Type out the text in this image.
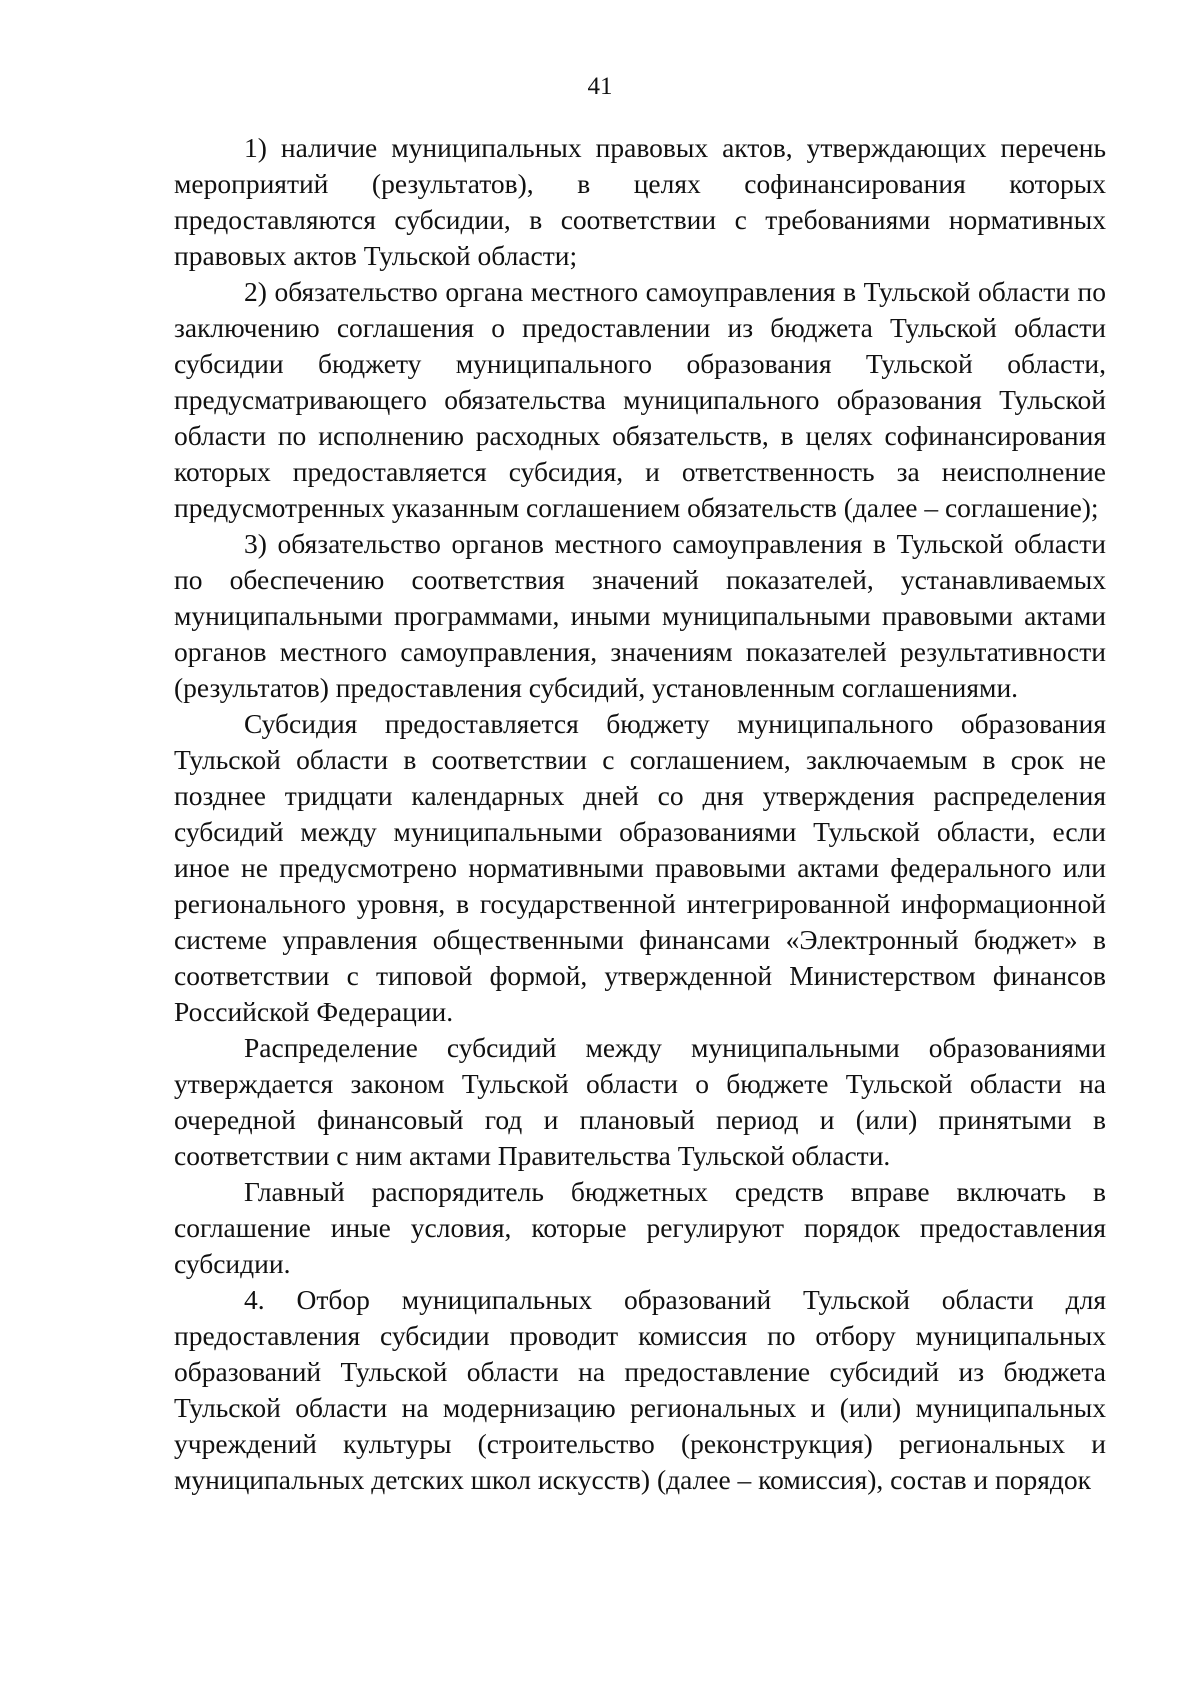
41

1) наличие муниципальных правовых актов, утверждающих перечень мероприятий (результатов), в целях софинансирования которых предоставляются субсидии, в соответствии с требованиями нормативных правовых актов Тульской области;

2) обязательство органа местного самоуправления в Тульской области по заключению соглашения о предоставлении из бюджета Тульской области субсидии бюджету муниципального образования Тульской области, предусматривающего обязательства муниципального образования Тульской области по исполнению расходных обязательств, в целях софинансирования которых предоставляется субсидия, и ответственность за неисполнение предусмотренных указанным соглашением обязательств (далее – соглашение);

3) обязательство органов местного самоуправления в Тульской области по обеспечению соответствия значений показателей, устанавливаемых муниципальными программами, иными муниципальными правовыми актами органов местного самоуправления, значениям показателей результативности (результатов) предоставления субсидий, установленным соглашениями.

Субсидия предоставляется бюджету муниципального образования Тульской области в соответствии с соглашением, заключаемым в срок не позднее тридцати календарных дней со дня утверждения распределения субсидий между муниципальными образованиями Тульской области, если иное не предусмотрено нормативными правовыми актами федерального или регионального уровня, в государственной интегрированной информационной системе управления общественными финансами «Электронный бюджет» в соответствии с типовой формой, утвержденной Министерством финансов Российской Федерации.

Распределение субсидий между муниципальными образованиями утверждается законом Тульской области о бюджете Тульской области на очередной финансовый год и плановый период и (или) принятыми в соответствии с ним актами Правительства Тульской области.

Главный распорядитель бюджетных средств вправе включать в соглашение иные условия, которые регулируют порядок предоставления субсидии.

4. Отбор муниципальных образований Тульской области для предоставления субсидии проводит комиссия по отбору муниципальных образований Тульской области на предоставление субсидий из бюджета Тульской области на модернизацию региональных и (или) муниципальных учреждений культуры (строительство (реконструкция) региональных и муниципальных детских школ искусств) (далее – комиссия), состав и порядок
